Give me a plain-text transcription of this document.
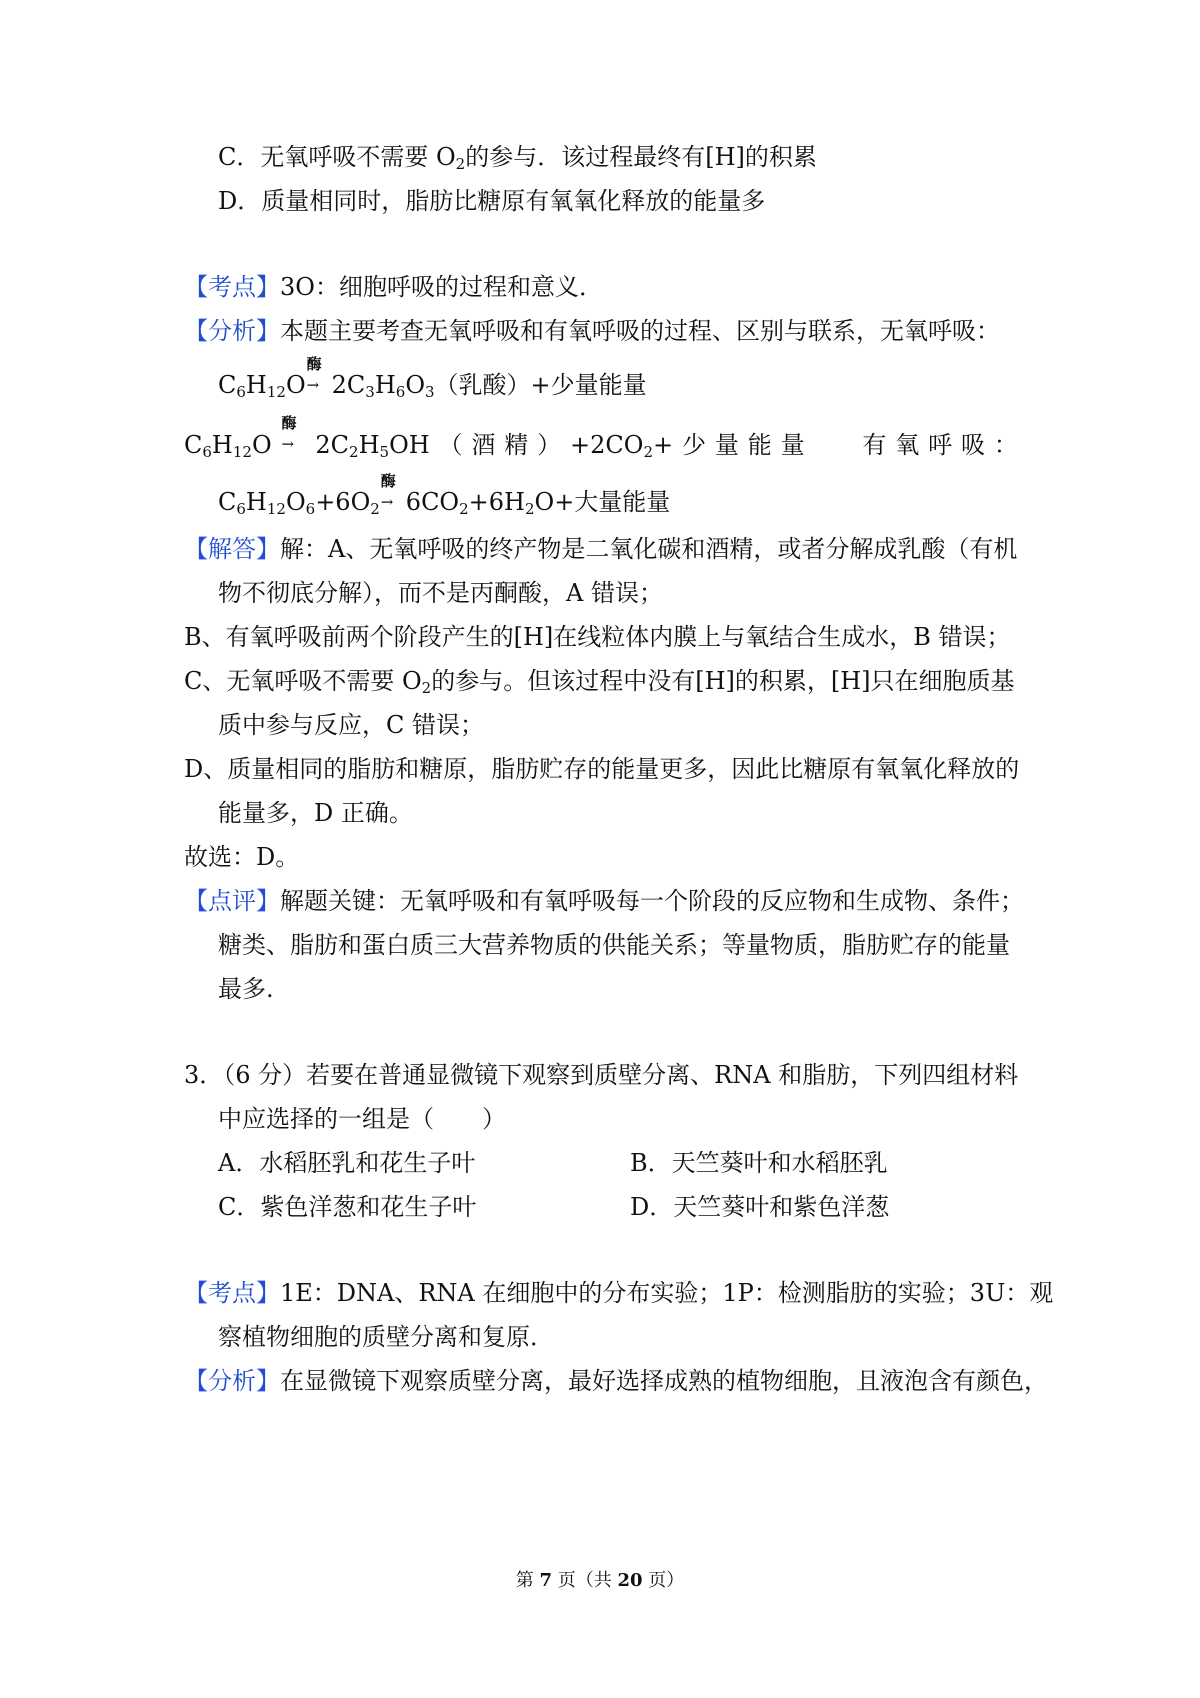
C．无氧呼吸不需要 $O_2$的参与．该过程最终有[H]的积累
D．质量相同时，脂肪比糖原有氧氧化释放的能量多
【考点】3O：细胞呼吸的过程和意义．
【分析】本题主要考查无氧呼吸和有氧呼吸的过程、区别与联系，无氧呼吸：
$C_6H_{12}O$
酶
→ $2C_3H_6O_3$（乳酸）+少量能量
$C_6H_{12}O$
酶
→ $2C_2H_5OH$ （ 酒 精 ） $+2CO_2+$ 少 量 能 量 有 氧 呼 吸 ：
$C_6H_{12}O_6+6O_2$
酶
→ $6CO_2+6H_2O+$大量能量
【解答】解：A、无氧呼吸的终产物是二氧化碳和酒精，或者分解成乳酸（有机
物不彻底分解），而不是丙酮酸，A 错误；
B、有氧呼吸前两个阶段产生的[H]在线粒体内膜上与氧结合生成水，B 错误；
C、无氧呼吸不需要 $O_2$的参与。但该过程中没有[H]的积累，[H]只在细胞质基
质中参与反应，C 错误；
D、质量相同的脂肪和糖原，脂肪贮存的能量更多，因此比糖原有氧氧化释放的
能量多，D 正确。
故选：D。
【点评】解题关键：无氧呼吸和有氧呼吸每一个阶段的反应物和生成物、条件；
糖类、脂肪和蛋白质三大营养物质的供能关系；等量物质，脂肪贮存的能量
最多.
3．（6 分）若要在普通显微镜下观察到质壁分离、RNA 和脂肪，下列四组材料
中应选择的一组是（　　）
A．水稻胚乳和花生子叶	B．天竺葵叶和水稻胚乳
C．紫色洋葱和花生子叶	D．天竺葵叶和紫色洋葱
【考点】1E：DNA、RNA 在细胞中的分布实验；1P：检测脂肪的实验；3U：观
察植物细胞的质壁分离和复原．
【分析】在显微镜下观察质壁分离，最好选择成熟的植物细胞，且液泡含有颜色，
第 7 页（共 20 页）
